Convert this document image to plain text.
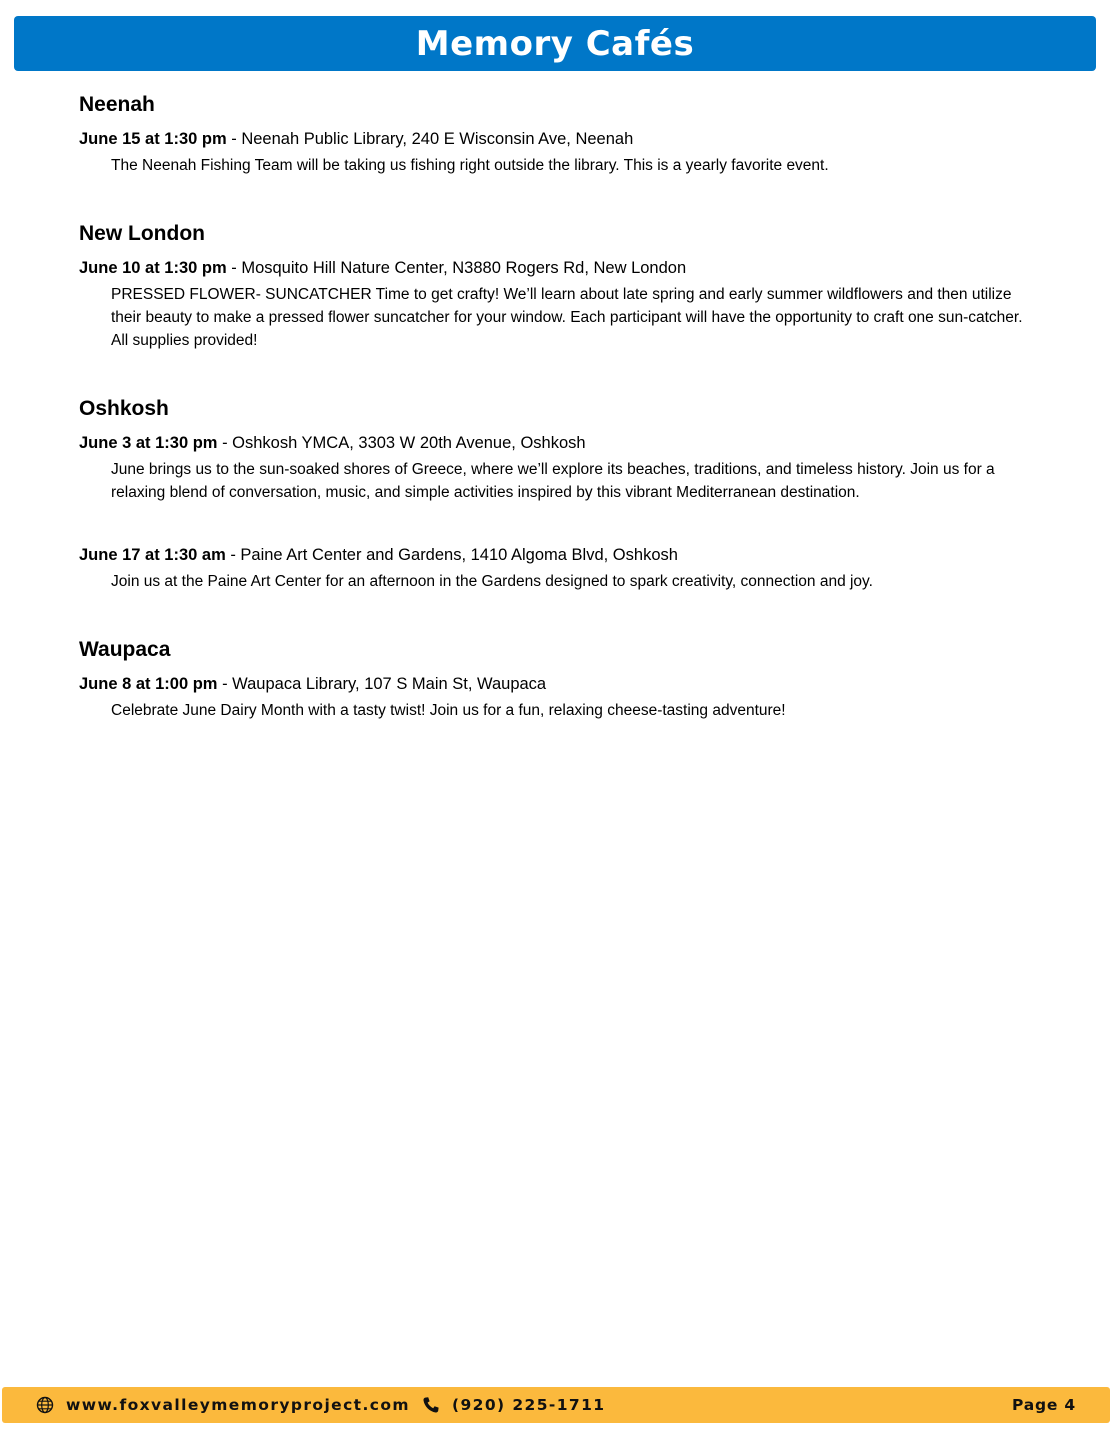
Memory Cafés
Neenah

June 15 at 1:30 pm - Neenah Public Library, 240 E Wisconsin Ave, Neenah

The Neenah Fishing Team will be taking us fishing right outside the library. This is a yearly favorite event.

New London

June 10 at 1:30 pm - Mosquito Hill Nature Center, N3880 Rogers Rd, New London

PRESSED FLOWER- SUNCATCHER Time to get crafty! We’ll learn about late spring and early summer wildflowers and then utilize their beauty to make a pressed flower suncatcher for your window. Each participant will have the opportunity to craft one sun-catcher. All supplies provided!

Oshkosh

June 3 at 1:30 pm - Oshkosh YMCA, 3303 W 20th Avenue, Oshkosh

June brings us to the sun-soaked shores of Greece, where we’ll explore its beaches, traditions, and timeless history. Join us for a relaxing blend of conversation, music, and simple activities inspired by this vibrant Mediterranean destination.

June 17 at 1:30 am - Paine Art Center and Gardens, 1410 Algoma Blvd, Oshkosh

Join us at the Paine Art Center for an afternoon in the Gardens designed to spark creativity, connection and joy.

Waupaca

June 8 at 1:00 pm - Waupaca Library, 107 S Main St, Waupaca

Celebrate June Dairy Month with a tasty twist! Join us for a fun, relaxing cheese-tasting adventure!

www.foxvalleymemoryproject.com	(920) 225-1711	Page 4
